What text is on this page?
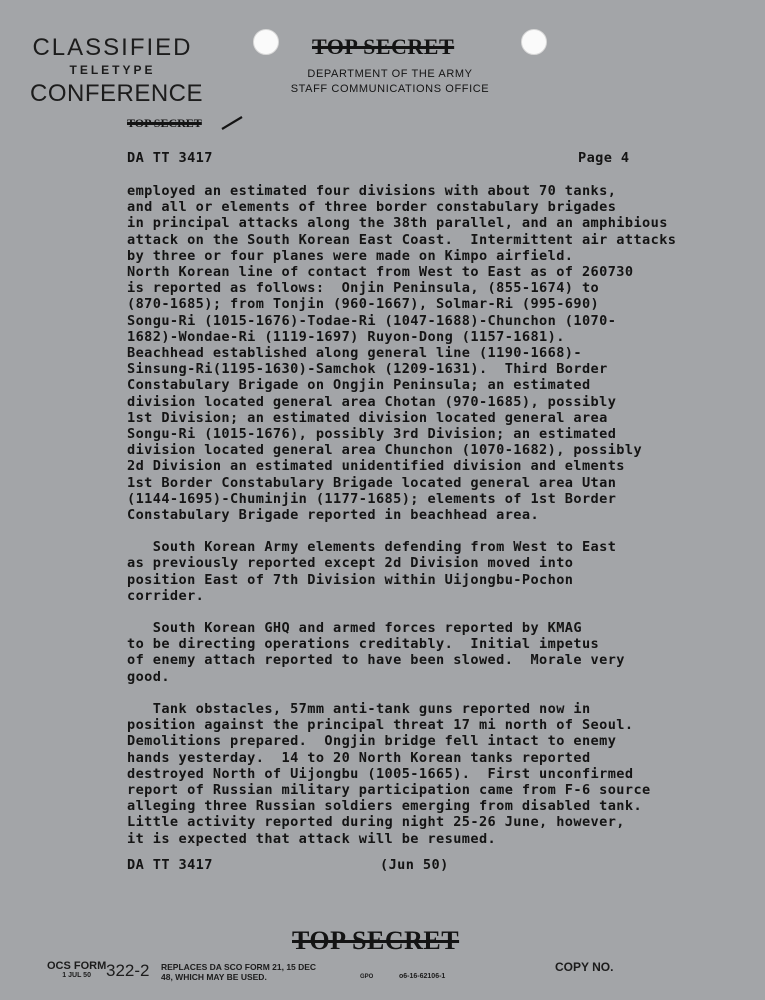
CLASSIFIED
TELETYPE
CONFERENCE
TOP SECRET
DEPARTMENT OF THE ARMY
STAFF COMMUNICATIONS OFFICE
TOP SECRET
DA TT 3417	Page 4
employed an estimated four divisions with about 70 tanks,
and all or elements of three border constabulary brigades
in principal attacks along the 38th parallel, and an amphibious
attack on the South Korean East Coast.  Intermittent air attacks
by three or four planes were made on Kimpo airfield.
North Korean line of contact from West to East as of 260730
is reported as follows:  Onjin Peninsula, (855-1674) to
(870-1685); from Tonjin (960-1667), Solmar-Ri (995-690)
Songu-Ri (1015-1676)-Todae-Ri (1047-1688)-Chunchon (1070-
1682)-Wondae-Ri (1119-1697) Ruyon-Dong (1157-1681).
Beachhead established along general line (1190-1668)-
Sinsung-Ri(1195-1630)-Samchok (1209-1631).  Third Border
Constabulary Brigade on Ongjin Peninsula; an estimated
division located general area Chotan (970-1685), possibly
1st Division; an estimated division located general area
Songu-Ri (1015-1676), possibly 3rd Division; an estimated
division located general area Chunchon (1070-1682), possibly
2d Division an estimated unidentified division and elments
1st Border Constabulary Brigade located general area Utan
(1144-1695)-Chuminjin (1177-1685); elements of 1st Border
Constabulary Brigade reported in beachhead area.
South Korean Army elements defending from West to East
as previously reported except 2d Division moved into
position East of 7th Division within Uijongbu-Pochon
corrider.
South Korean GHQ and armed forces reported by KMAG
to be directing operations creditably.  Initial impetus
of enemy attach reported to have been slowed.  Morale very
good.
Tank obstacles, 57mm anti-tank guns reported now in
position against the principal threat 17 mi north of Seoul.
Demolitions prepared.  Ongjin bridge fell intact to enemy
hands yesterday.  14 to 20 North Korean tanks reported
destroyed North of Uijongbu (1005-1665).  First unconfirmed
report of Russian military participation came from F-6 source
alleging three Russian soldiers emerging from disabled tank.
Little activity reported during night 25-26 June, however,
it is expected that attack will be resumed.
DA TT 3417	(Jun 50)
TOP SECRET
OCS FORM
1 JUL 50 322-2 REPLACES DA SCO FORM 21, 15 DEC
48, WHICH MAY BE USED.	GPO	o6-16-62106-1
COPY NO.
